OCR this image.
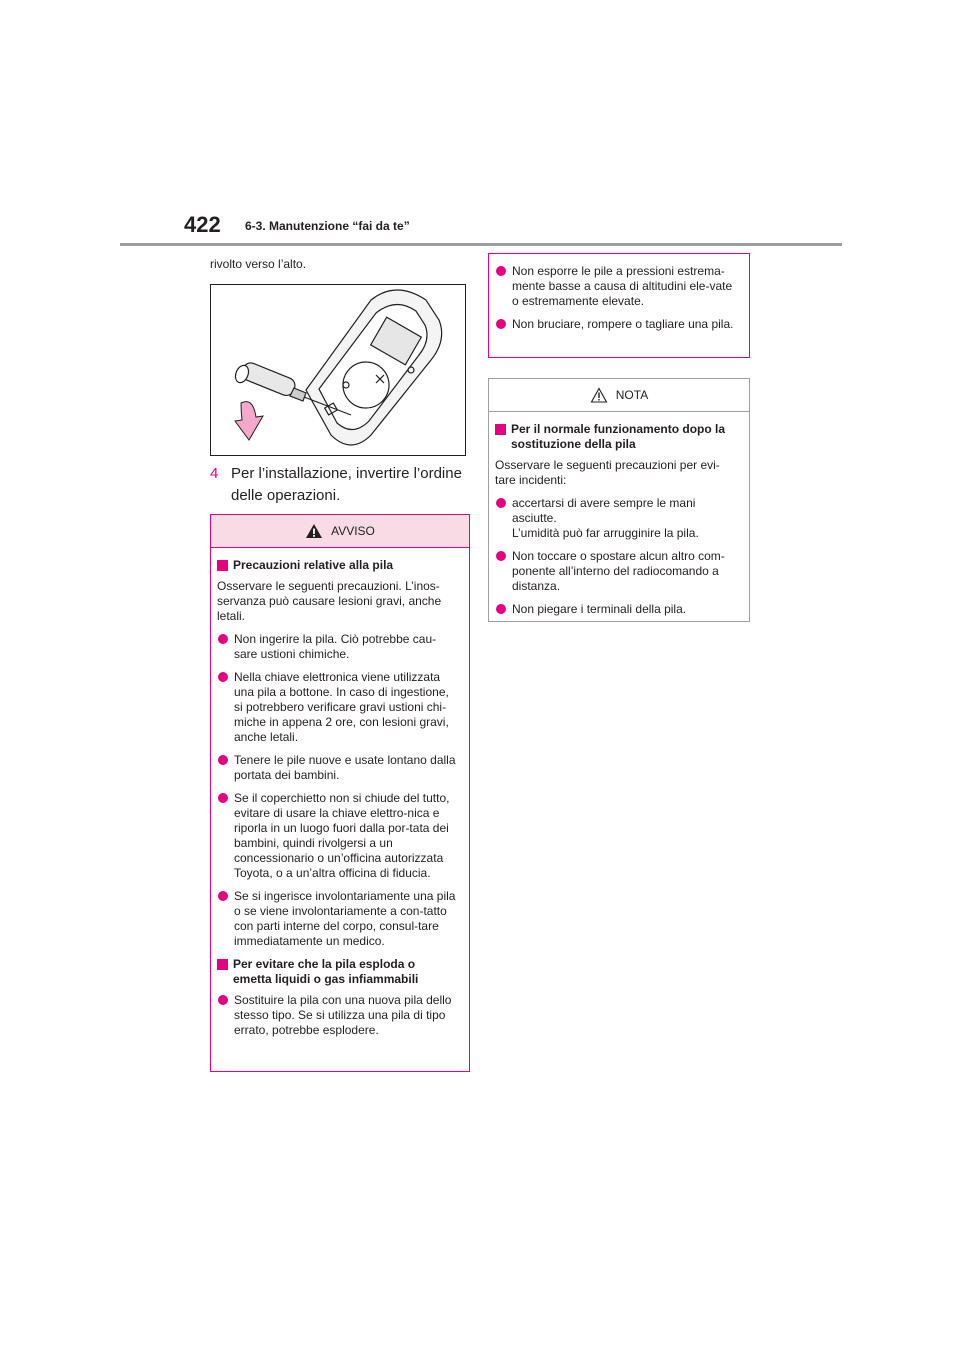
422 6-3. Manutenzione “fai da te”
rivolto verso l’alto.
4 Per l’installazione, invertire l’ordine delle operazioni.
AVVISO
Precauzioni relative alla pila

Osservare le seguenti precauzioni. L’inos-servanza può causare lesioni gravi, anche letali.

Non ingerire la pila. Ciò potrebbe cau-sare ustioni chimiche.
Nella chiave elettronica viene utilizzata una pila a bottone. In caso di ingestione, si potrebbero verificare gravi ustioni chi-miche in appena 2 ore, con lesioni gravi, anche letali.
Tenere le pile nuove e usate lontano dalla portata dei bambini.
Se il coperchietto non si chiude del tutto, evitare di usare la chiave elettro-nica e riporla in un luogo fuori dalla por-tata dei bambini, quindi rivolgersi a un concessionario o un’officina autorizzata Toyota, o a un’altra officina di fiducia.
Se si ingerisce involontariamente una pila o se viene involontariamente a con-tatto con parti interne del corpo, consul-tare immediatamente un medico.
Per evitare che la pila esploda o emetta liquidi o gas infiammabili
Sostituire la pila con una nuova pila dello stesso tipo. Se si utilizza una pila di tipo errato, potrebbe esplodere.
Non esporre le pile a pressioni estrema-mente basse a causa di altitudini ele-vate o estremamente elevate.
Non bruciare, rompere o tagliare una pila.
NOTA
Per il normale funzionamento dopo la sostituzione della pila

Osservare le seguenti precauzioni per evi-tare incidenti:

accertarsi di avere sempre le mani asciutte.
L’umidità può far arrugginire la pila.
Non toccare o spostare alcun altro com-ponente all’interno del radiocomando a distanza.
Non piegare i terminali della pila.
